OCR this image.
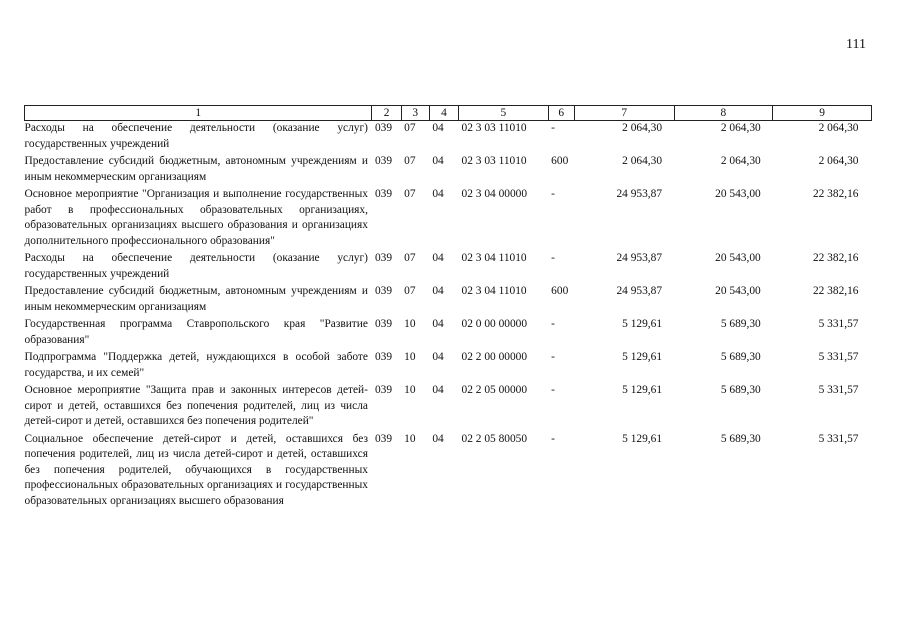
111
1	2	3	4	5	6	7	8	9
Расходы на обеспечение деятельности (оказание услуг) государственных учреждений	039	07	04	02 3 03 11010	-	2 064,30	2 064,30	2 064,30
Предоставление субсидий бюджетным, автономным учреждениям и иным некоммерческим организациям	039	07	04	02 3 03 11010	600	2 064,30	2 064,30	2 064,30
Основное мероприятие "Организация и выполнение государственных работ в профессиональных образовательных организациях, образовательных организациях высшего образования и организациях дополнительного профессионального образования"	039	07	04	02 3 04 00000	-	24 953,87	20 543,00	22 382,16
Расходы на обеспечение деятельности (оказание услуг) государственных учреждений	039	07	04	02 3 04 11010	-	24 953,87	20 543,00	22 382,16
Предоставление субсидий бюджетным, автономным учреждениям и иным некоммерческим организациям	039	07	04	02 3 04 11010	600	24 953,87	20 543,00	22 382,16
Государственная программа Ставропольского края "Развитие образования"	039	10	04	02 0 00 00000	-	5 129,61	5 689,30	5 331,57
Подпрограмма "Поддержка детей, нуждающихся в особой заботе государства, и их семей"	039	10	04	02 2 00 00000	-	5 129,61	5 689,30	5 331,57
Основное мероприятие "Защита прав и законных интересов детей-сирот и детей, оставшихся без попечения родителей, лиц из числа детей-сирот и детей, оставшихся без попечения родителей"	039	10	04	02 2 05 00000	-	5 129,61	5 689,30	5 331,57
Социальное обеспечение детей-сирот и детей, оставшихся без попечения родителей, лиц из числа детей-сирот и детей, оставшихся без попечения родителей, обучающихся в государственных профессиональных образовательных организациях и государственных образовательных организациях высшего образования	039	10	04	02 2 05 80050	-	5 129,61	5 689,30	5 331,57
